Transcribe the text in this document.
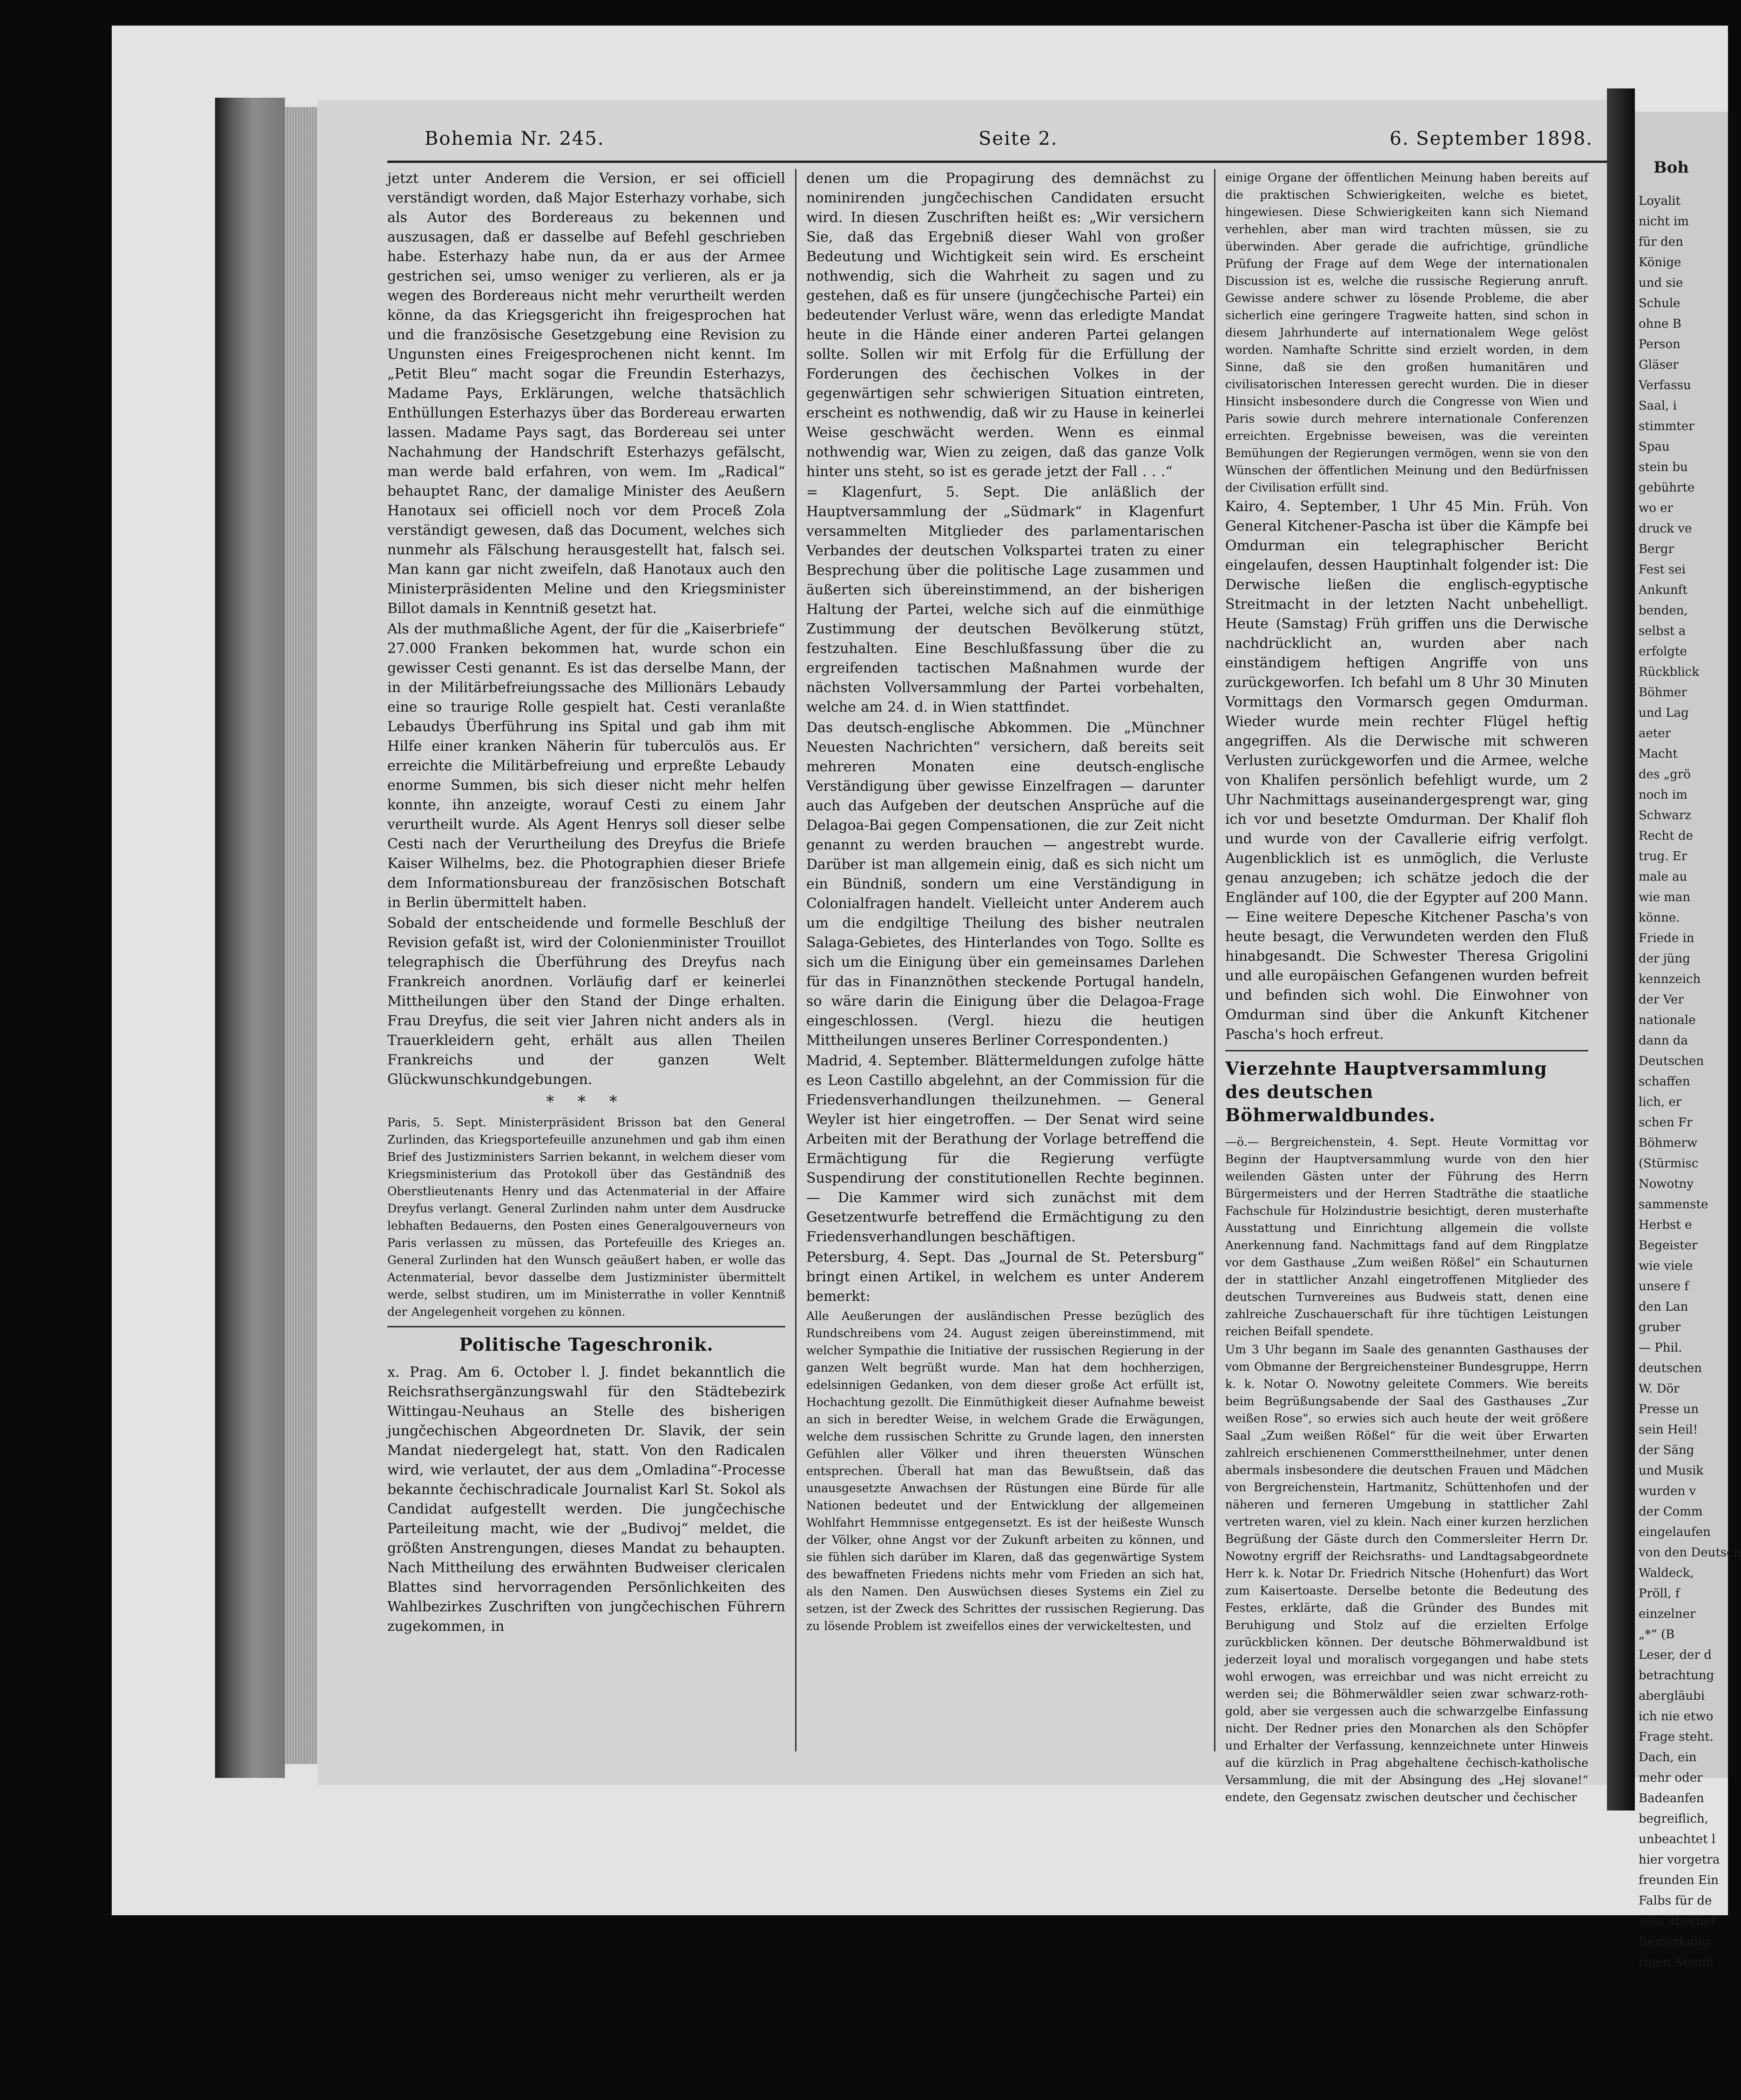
Bohemia Nr. 245.	Seite 2.	6. September 1898.

jetzt unter Anderem die Version, er sei officiell verständigt worden, daß Major Esterhazy vorhabe, sich als Autor des Bordereaus zu bekennen und auszusagen, daß er dasselbe auf Befehl geschrieben habe. Esterhazy habe nun, da er aus der Armee gestrichen sei, umso weniger zu verlieren, als er ja wegen des Bordereaus nicht mehr verurtheilt werden könne, da das Kriegsgericht ihn freigesprochen hat und die französische Gesetzgebung eine Revision zu Ungunsten eines Freigesprochenen nicht kennt. Im „Petit Bleu“ macht sogar die Freundin Esterhazys, Madame Pays, Erklärungen, welche thatsächlich Enthüllungen Esterhazys über das Bordereau erwarten lassen. Madame Pays sagt, das Bordereau sei unter Nachahmung der Handschrift Esterhazys gefälscht, man werde bald erfahren, von wem. Im „Radical“ behauptet Ranc, der damalige Minister des Aeußern Hanotaux sei officiell noch vor dem Proceß Zola verständigt gewesen, daß das Document, welches sich nunmehr als Fälschung herausgestellt hat, falsch sei. Man kann gar nicht zweifeln, daß Hanotaux auch den Ministerpräsidenten Meline und den Kriegsminister Billot damals in Kenntniß gesetzt hat.

Als der muthmaßliche Agent, der für die „Kaiserbriefe“ 27.000 Franken bekommen hat, wurde schon ein gewisser Cesti genannt. Es ist das derselbe Mann, der in der Militärbefreiungssache des Millionärs Lebaudy eine so traurige Rolle gespielt hat. Cesti veranlaßte Lebaudys Überführung ins Spital und gab ihm mit Hilfe einer kranken Näherin für tuberculös aus. Er erreichte die Militärbefreiung und erpreßte Lebaudy enorme Summen, bis sich dieser nicht mehr helfen konnte, ihn anzeigte, worauf Cesti zu einem Jahr verurtheilt wurde. Als Agent Henrys soll dieser selbe Cesti nach der Verurtheilung des Dreyfus die Briefe Kaiser Wilhelms, bez. die Photographien dieser Briefe dem Informationsbureau der französischen Botschaft in Berlin übermittelt haben.

Sobald der entscheidende und formelle Beschluß der Revision gefaßt ist, wird der Colonienminister Trouillot telegraphisch die Überführung des Dreyfus nach Frankreich anordnen. Vorläufig darf er keinerlei Mittheilungen über den Stand der Dinge erhalten. Frau Dreyfus, die seit vier Jahren nicht anders als in Trauerkleidern geht, erhält aus allen Theilen Frankreichs und der ganzen Welt Glückwunschkundgebungen.

* * *

Paris, 5. Sept. Ministerpräsident Brisson bat den General Zurlinden, das Kriegsportefeuille anzunehmen und gab ihm einen Brief des Justizministers Sarrien bekannt, in welchem dieser vom Kriegsministerium das Protokoll über das Geständniß des Oberstlieutenants Henry und das Actenmaterial in der Affaire Dreyfus verlangt. General Zurlinden nahm unter dem Ausdrucke lebhaften Bedauerns, den Posten eines Generalgouverneurs von Paris verlassen zu müssen, das Portefeuille des Krieges an. General Zurlinden hat den Wunsch geäußert haben, er wolle das Actenmaterial, bevor dasselbe dem Justizminister übermittelt werde, selbst studiren, um im Ministerrathe in voller Kenntniß der Angelegenheit vorgehen zu können.

Politische Tageschronik.

x. Prag. Am 6. October l. J. findet bekanntlich die Reichsrathsergänzungswahl für den Städtebezirk Wittingau-Neuhaus an Stelle des bisherigen jungčechischen Abgeordneten Dr. Slavik, der sein Mandat niedergelegt hat, statt. Von den Radicalen wird, wie verlautet, der aus dem „Omladina“-Processe bekannte čechischradicale Journalist Karl St. Sokol als Candidat aufgestellt werden. Die jungčechische Parteileitung macht, wie der „Budivoj“ meldet, die größten Anstrengungen, dieses Mandat zu behaupten. Nach Mittheilung des erwähnten Budweiser clericalen Blattes sind hervorragenden Persönlichkeiten des Wahlbezirkes Zuschriften von jungčechischen Führern zugekommen, in

denen um die Propagirung des demnächst zu nominirenden jungčechischen Candidaten ersucht wird. In diesen Zuschriften heißt es: „Wir versichern Sie, daß das Ergebniß dieser Wahl von großer Bedeutung und Wichtigkeit sein wird. Es erscheint nothwendig, sich die Wahrheit zu sagen und zu gestehen, daß es für unsere (jungčechische Partei) ein bedeutender Verlust wäre, wenn das erledigte Mandat heute in die Hände einer anderen Partei gelangen sollte. Sollen wir mit Erfolg für die Erfüllung der Forderungen des čechischen Volkes in der gegenwärtigen sehr schwierigen Situation eintreten, erscheint es nothwendig, daß wir zu Hause in keinerlei Weise geschwächt werden. Wenn es einmal nothwendig war, Wien zu zeigen, daß das ganze Volk hinter uns steht, so ist es gerade jetzt der Fall . . .“

= Klagenfurt, 5. Sept. Die anläßlich der Hauptversammlung der „Südmark“ in Klagenfurt versammelten Mitglieder des parlamentarischen Verbandes der deutschen Volkspartei traten zu einer Besprechung über die politische Lage zusammen und äußerten sich übereinstimmend, an der bisherigen Haltung der Partei, welche sich auf die einmüthige Zustimmung der deutschen Bevölkerung stützt, festzuhalten. Eine Beschlußfassung über die zu ergreifenden tactischen Maßnahmen wurde der nächsten Vollversammlung der Partei vorbehalten, welche am 24. d. in Wien stattfindet.

Das deutsch-englische Abkommen. Die „Münchner Neuesten Nachrichten“ versichern, daß bereits seit mehreren Monaten eine deutsch-englische Verständigung über gewisse Einzelfragen — darunter auch das Aufgeben der deutschen Ansprüche auf die Delagoa-Bai gegen Compensationen, die zur Zeit nicht genannt zu werden brauchen — angestrebt wurde. Darüber ist man allgemein einig, daß es sich nicht um ein Bündniß, sondern um eine Verständigung in Colonialfragen handelt. Vielleicht unter Anderem auch um die endgiltige Theilung des bisher neutralen Salaga-Gebietes, des Hinterlandes von Togo. Sollte es sich um die Einigung über ein gemeinsames Darlehen für das in Finanznöthen steckende Portugal handeln, so wäre darin die Einigung über die Delagoa-Frage eingeschlossen. (Vergl. hiezu die heutigen Mittheilungen unseres Berliner Correspondenten.)

Madrid, 4. September. Blättermeldungen zufolge hätte es Leon Castillo abgelehnt, an der Commission für die Friedensverhandlungen theilzunehmen. — General Weyler ist hier eingetroffen. — Der Senat wird seine Arbeiten mit der Berathung der Vorlage betreffend die Ermächtigung für die Regierung verfügte Suspendirung der constitutionellen Rechte beginnen. — Die Kammer wird sich zunächst mit dem Gesetzentwurfe betreffend die Ermächtigung zu den Friedensverhandlungen beschäftigen.

Petersburg, 4. Sept. Das „Journal de St. Petersburg“ bringt einen Artikel, in welchem es unter Anderem bemerkt:

Alle Aeußerungen der ausländischen Presse bezüglich des Rundschreibens vom 24. August zeigen übereinstimmend, mit welcher Sympathie die Initiative der russischen Regierung in der ganzen Welt begrüßt wurde. Man hat dem hochherzigen, edelsinnigen Gedanken, von dem dieser große Act erfüllt ist, Hochachtung gezollt. Die Einmüthigkeit dieser Aufnahme beweist an sich in beredter Weise, in welchem Grade die Erwägungen, welche dem russischen Schritte zu Grunde lagen, den innersten Gefühlen aller Völker und ihren theuersten Wünschen entsprechen. Überall hat man das Bewußtsein, daß das unausgesetzte Anwachsen der Rüstungen eine Bürde für alle Nationen bedeutet und der Entwicklung der allgemeinen Wohlfahrt Hemmnisse entgegensetzt. Es ist der heißeste Wunsch der Völker, ohne Angst vor der Zukunft arbeiten zu können, und sie fühlen sich darüber im Klaren, daß das gegenwärtige System des bewaffneten Friedens nichts mehr vom Frieden an sich hat, als den Namen. Den Auswüchsen dieses Systems ein Ziel zu setzen, ist der Zweck des Schrittes der russischen Regierung. Das zu lösende Problem ist zweifellos eines der verwickeltesten, und

einige Organe der öffentlichen Meinung haben bereits auf die praktischen Schwierigkeiten, welche es bietet, hingewiesen. Diese Schwierigkeiten kann sich Niemand verhehlen, aber man wird trachten müssen, sie zu überwinden. Aber gerade die aufrichtige, gründliche Prüfung der Frage auf dem Wege der internationalen Discussion ist es, welche die russische Regierung anruft. Gewisse andere schwer zu lösende Probleme, die aber sicherlich eine geringere Tragweite hatten, sind schon in diesem Jahrhunderte auf internationalem Wege gelöst worden. Namhafte Schritte sind erzielt worden, in dem Sinne, daß sie den großen humanitären und civilisatorischen Interessen gerecht wurden. Die in dieser Hinsicht insbesondere durch die Congresse von Wien und Paris sowie durch mehrere internationale Conferenzen erreichten. Ergebnisse beweisen, was die vereinten Bemühungen der Regierungen vermögen, wenn sie von den Wünschen der öffentlichen Meinung und den Bedürfnissen der Civilisation erfüllt sind.

Kairo, 4. September, 1 Uhr 45 Min. Früh. Von General Kitchener-Pascha ist über die Kämpfe bei Omdurman ein telegraphischer Bericht eingelaufen, dessen Hauptinhalt folgender ist: Die Derwische ließen die englisch-egyptische Streitmacht in der letzten Nacht unbehelligt. Heute (Samstag) Früh griffen uns die Derwische nachdrücklicht an, wurden aber nach einständigem heftigen Angriffe von uns zurückgeworfen. Ich befahl um 8 Uhr 30 Minuten Vormittags den Vormarsch gegen Omdurman. Wieder wurde mein rechter Flügel heftig angegriffen. Als die Derwische mit schweren Verlusten zurückgeworfen und die Armee, welche von Khalifen persönlich befehligt wurde, um 2 Uhr Nachmittags auseinandergesprengt war, ging ich vor und besetzte Omdurman. Der Khalif floh und wurde von der Cavallerie eifrig verfolgt. Augenblicklich ist es unmöglich, die Verluste genau anzugeben; ich schätze jedoch die der Engländer auf 100, die der Egypter auf 200 Mann. — Eine weitere Depesche Kitchener Pascha's von heute besagt, die Verwundeten werden den Fluß hinabgesandt. Die Schwester Theresa Grigolini und alle europäischen Gefangenen wurden befreit und befinden sich wohl. Die Einwohner von Omdurman sind über die Ankunft Kitchener Pascha's hoch erfreut.

Vierzehnte Hauptversammlung des deutschen Böhmerwaldbundes.

—ö.— Bergreichenstein, 4. Sept. Heute Vormittag vor Beginn der Hauptversammlung wurde von den hier weilenden Gästen unter der Führung des Herrn Bürgermeisters und der Herren Stadträthe die staatliche Fachschule für Holzindustrie besichtigt, deren musterhafte Ausstattung und Einrichtung allgemein die vollste Anerkennung fand. Nachmittags fand auf dem Ringplatze vor dem Gasthause „Zum weißen Rößel“ ein Schauturnen der in stattlicher Anzahl eingetroffenen Mitglieder des deutschen Turnvereines aus Budweis statt, denen eine zahlreiche Zuschauerschaft für ihre tüchtigen Leistungen reichen Beifall spendete.

Um 3 Uhr begann im Saale des genannten Gasthauses der vom Obmanne der Bergreichensteiner Bundesgruppe, Herrn k. k. Notar O. Nowotny geleitete Commers. Wie bereits beim Begrüßungsabende der Saal des Gasthauses „Zur weißen Rose“, so erwies sich auch heute der weit größere Saal „Zum weißen Rößel“ für die weit über Erwarten zahlreich erschienenen Commersttheilnehmer, unter denen abermals insbesondere die deutschen Frauen und Mädchen von Bergreichenstein, Hartmanitz, Schüttenhofen und der näheren und ferneren Umgebung in stattlicher Zahl vertreten waren, viel zu klein. Nach einer kurzen herzlichen Begrüßung der Gäste durch den Commersleiter Herrn Dr. Nowotny ergriff der Reichsraths- und Landtagsabgeordnete Herr k. k. Notar Dr. Friedrich Nitsche (Hohenfurt) das Wort zum Kaisertoaste. Derselbe betonte die Bedeutung des Festes, erklärte, daß die Gründer des Bundes mit Beruhigung und Stolz auf die erzielten Erfolge zurückblicken können. Der deutsche Böhmerwaldbund ist jederzeit loyal und moralisch vorgegangen und habe stets wohl erwogen, was erreichbar und was nicht erreicht zu werden sei; die Böhmerwäldler seien zwar schwarz-roth-gold, aber sie vergessen auch die schwarzgelbe Einfassung nicht. Der Redner pries den Monarchen als den Schöpfer und Erhalter der Verfassung, kennzeichnete unter Hinweis auf die kürzlich in Prag abgehaltene čechisch-katholische Versammlung, die mit der Absingung des „Hej slovane!“ endete, den Gegensatz zwischen deutscher und čechischer

Boh
Loyalit
nicht im
für den
Könige
und sie
Schule
ohne B
Person
Gläser
Verfassu
Saal, i
stimmter
Spau
stein bu
gebührte
wo er
druck ve
Bergr
Fest sei
Ankunft
benden,
selbst a
erfolgte
Rückblick
Böhmer
und Lag
aeter
Macht
des „grö
noch im
Schwarz
Recht de
trug. Er
male au
wie man
könne.
Friede in
der jüng
kennzeich
der Ver
nationale
dann da
Deutschen
schaffen
lich, er
schen Fr
Böhmerw
(Stürmisc
Nowotny
sammenste
Herbst e
Begeister
wie viele
unsere f
den Lan
gruber
— Phil.
deutschen
W. Dör
Presse un
sein Heil!
der Säng
und Musik
wurden v
der Comm
eingelaufen
von den Deutsch
Waldeck,
Pröll, f
einzelner
„*“ (B
Leser, der d
betrachtung
abergläubi
ich nie etwo
Frage steht.
Dach, ein
mehr oder
Badeanfen
begreiflich,
unbeachtet l
hier vorgetra
freunden Ein
Falbs für de
selu überlief
Bemerkung
rigen Somm
